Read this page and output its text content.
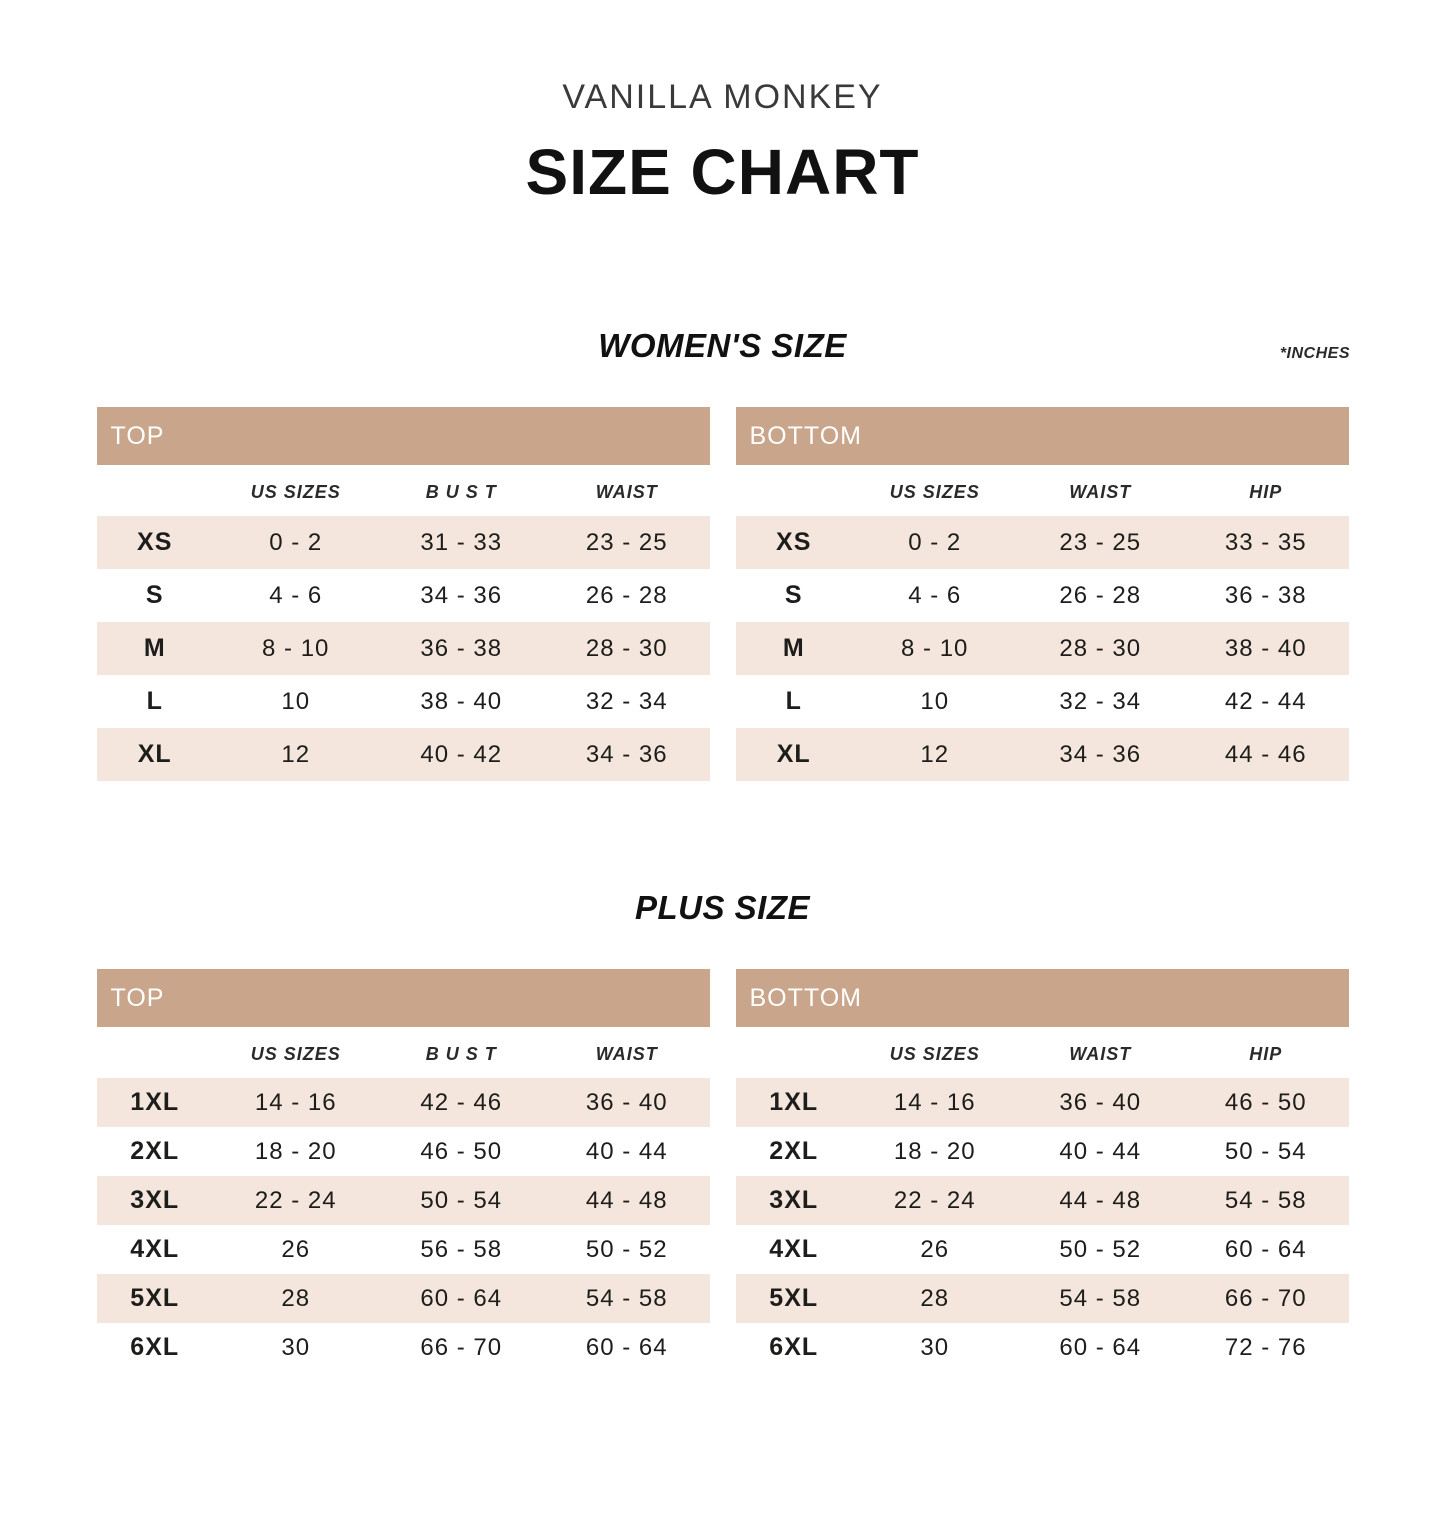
VANILLA MONKEY
SIZE CHART
WOMEN'S SIZE	*INCHES
TOP			
	US SIZES	B U S T	WAIST
XS	0 - 2	31 - 33	23 - 25
S	4 - 6	34 - 36	26 - 28
M	8 - 10	36 - 38	28 - 30
L	10	38 - 40	32 - 34
XL	12	40 - 42	34 - 36
BOTTOM			
	US SIZES	WAIST	HIP
XS	0 - 2	23 - 25	33 - 35
S	4 - 6	26 - 28	36 - 38
M	8 - 10	28 - 30	38 - 40
L	10	32 - 34	42 - 44
XL	12	34 - 36	44 - 46
PLUS SIZE
TOP			
	US SIZES	B U S T	WAIST
1XL	14 - 16	42 - 46	36 - 40
2XL	18 - 20	46 - 50	40 - 44
3XL	22 - 24	50 - 54	44 - 48
4XL	26	56 - 58	50 - 52
5XL	28	60 - 64	54 - 58
6XL	30	66 - 70	60 - 64
BOTTOM			
	US SIZES	WAIST	HIP
1XL	14 - 16	36 - 40	46 - 50
2XL	18 - 20	40 - 44	50 - 54
3XL	22 - 24	44 - 48	54 - 58
4XL	26	50 - 52	60 - 64
5XL	28	54 - 58	66 - 70
6XL	30	60 - 64	72 - 76
